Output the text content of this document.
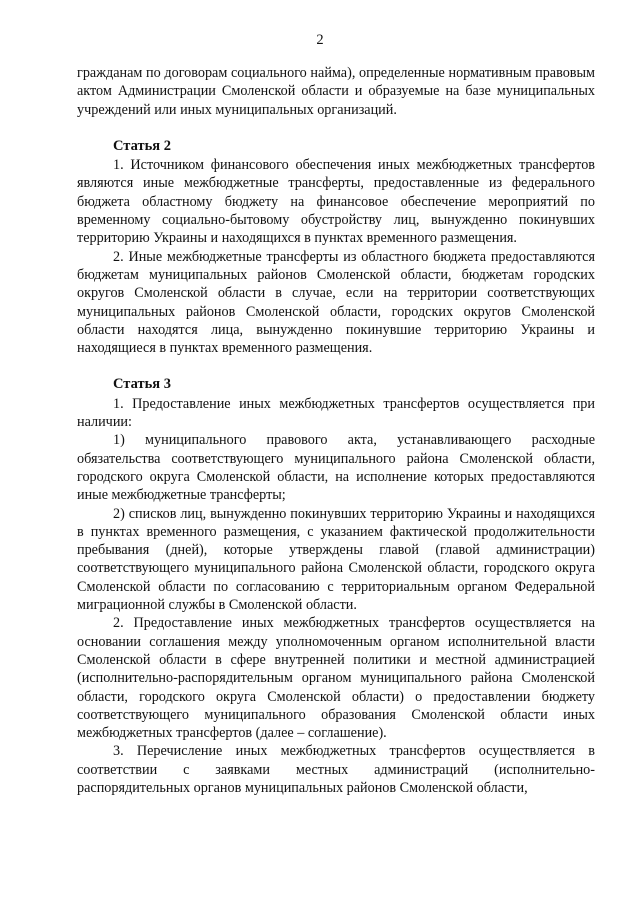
2

гражданам по договорам социального найма), определенные нормативным правовым актом Администрации Смоленской области и образуемые на базе муниципальных учреждений или иных муниципальных организаций.

Статья 2

1. Источником финансового обеспечения иных межбюджетных трансфертов являются иные межбюджетные трансферты, предоставленные из федерального бюджета областному бюджету на финансовое обеспечение мероприятий по временному социально-бытовому обустройству лиц, вынужденно покинувших территорию Украины и находящихся в пунктах временного размещения.

2. Иные межбюджетные трансферты из областного бюджета предоставляются бюджетам муниципальных районов Смоленской области, бюджетам городских округов Смоленской области в случае, если на территории соответствующих муниципальных районов Смоленской области, городских округов Смоленской области находятся лица, вынужденно покинувшие территорию Украины и находящиеся в пунктах временного размещения.

Статья 3

1. Предоставление иных межбюджетных трансфертов осуществляется при наличии:

1) муниципального правового акта, устанавливающего расходные обязательства соответствующего муниципального района Смоленской области, городского округа Смоленской области, на исполнение которых предоставляются иные межбюджетные трансферты;

2) списков лиц, вынужденно покинувших территорию Украины и находящихся в пунктах временного размещения, с указанием фактической продолжительности пребывания (дней), которые утверждены главой (главой администрации) соответствующего муниципального района Смоленской области, городского округа Смоленской области по согласованию с территориальным органом Федеральной миграционной службы в Смоленской области.

2. Предоставление иных межбюджетных трансфертов осуществляется на основании соглашения между уполномоченным органом исполнительной власти Смоленской области в сфере внутренней политики и местной администрацией (исполнительно-распорядительным органом муниципального района Смоленской области, городского округа Смоленской области) о предоставлении бюджету соответствующего муниципального образования Смоленской области иных межбюджетных трансфертов (далее – соглашение).

3. Перечисление иных межбюджетных трансфертов осуществляется в соответствии с заявками местных администраций (исполнительно-распорядительных органов муниципальных районов Смоленской области,
